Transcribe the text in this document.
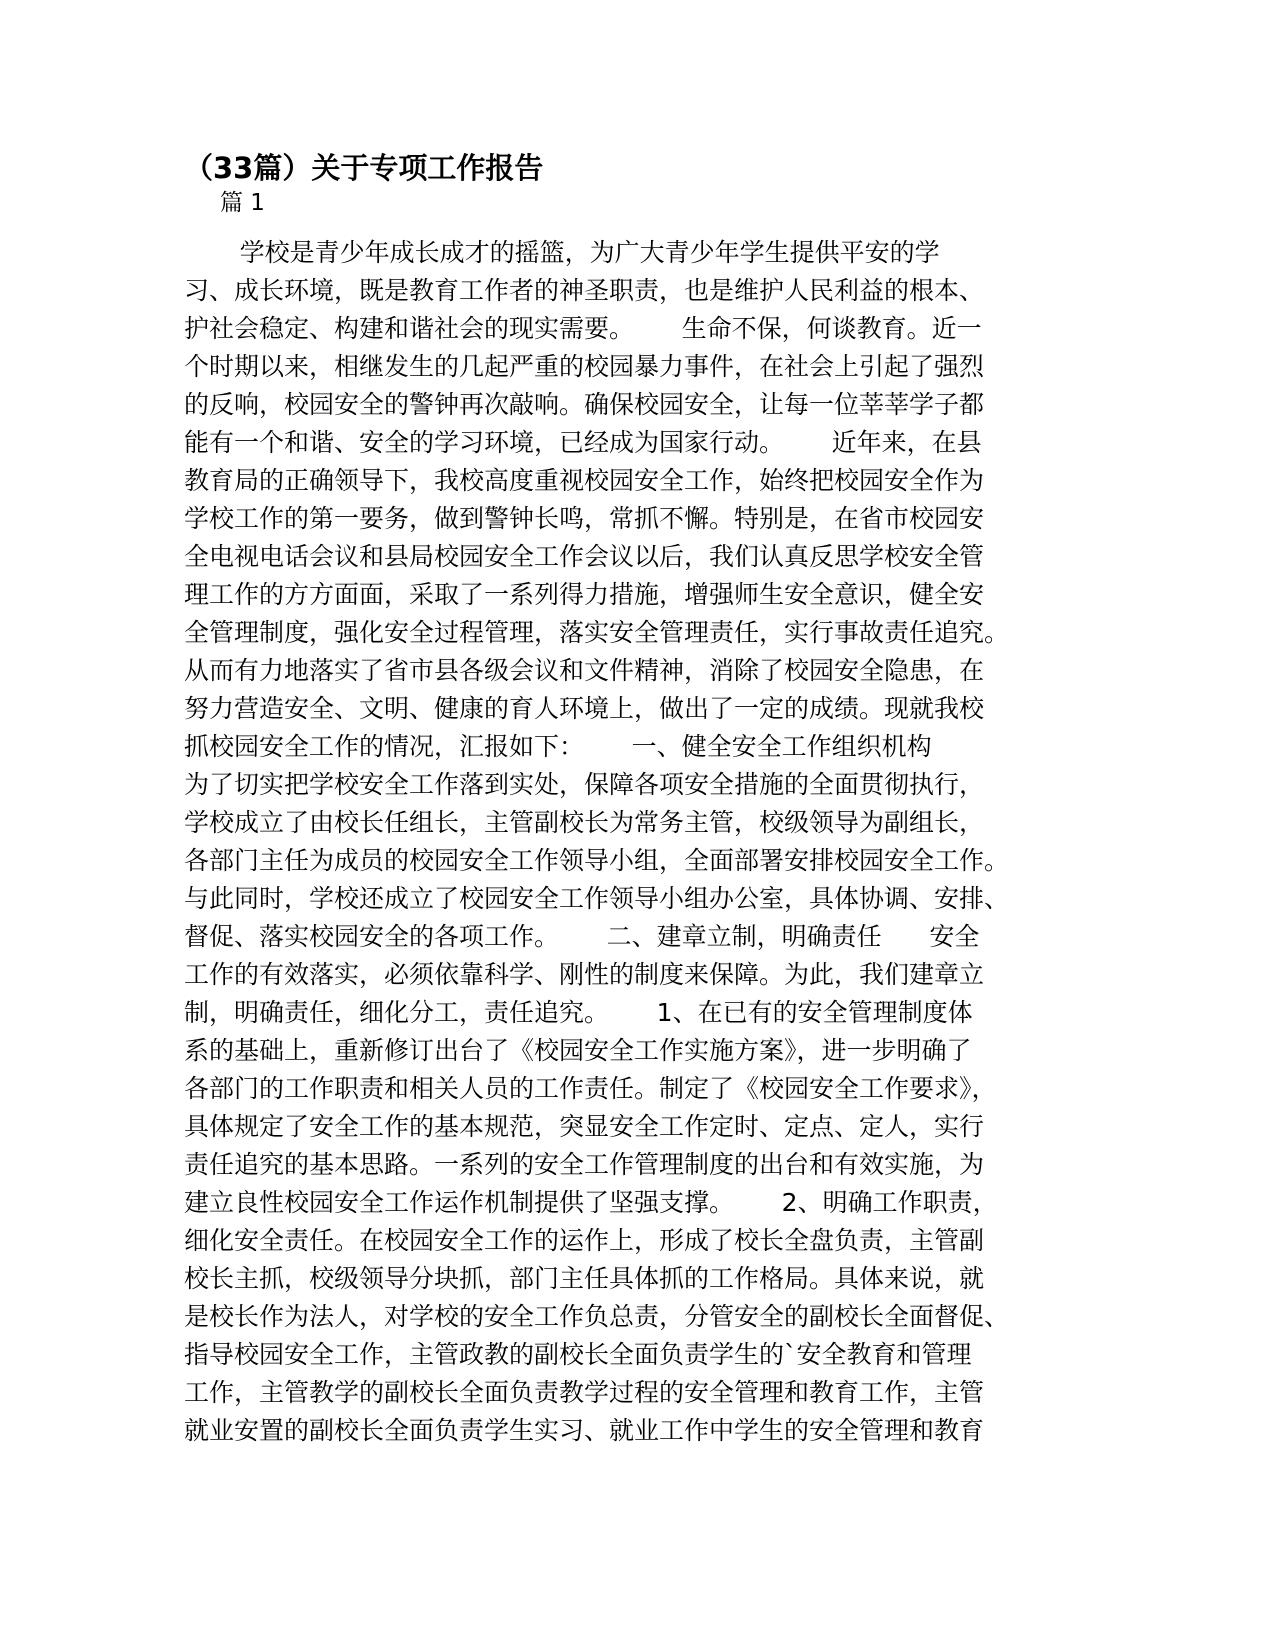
（33篇）关于专项工作报告
篇 1
学校是青少年成长成才的摇篮，为广大青少年学生提供平安的学
习、成长环境，既是教育工作者的神圣职责，也是维护人民利益的根本、
护社会稳定、构建和谐社会的现实需要。      生命不保，何谈教育。近一
个时期以来，相继发生的几起严重的校园暴力事件，在社会上引起了强烈
的反响，校园安全的警钟再次敲响。确保校园安全，让每一位莘莘学子都
能有一个和谐、安全的学习环境，已经成为国家行动。      近年来，在县
教育局的正确领导下，我校高度重视校园安全工作，始终把校园安全作为
学校工作的第一要务，做到警钟长鸣，常抓不懈。特别是，在省市校园安
全电视电话会议和县局校园安全工作会议以后，我们认真反思学校安全管
理工作的方方面面，采取了一系列得力措施，增强师生安全意识，健全安
全管理制度，强化安全过程管理，落实安全管理责任，实行事故责任追究。
从而有力地落实了省市县各级会议和文件精神，消除了校园安全隐患，在
努力营造安全、文明、健康的育人环境上，做出了一定的成绩。现就我校
抓校园安全工作的情况，汇报如下：      一、健全安全工作组织机构
为了切实把学校安全工作落到实处，保障各项安全措施的全面贯彻执行，
学校成立了由校长任组长，主管副校长为常务主管，校级领导为副组长，
各部门主任为成员的校园安全工作领导小组，全面部署安排校园安全工作。
与此同时，学校还成立了校园安全工作领导小组办公室，具体协调、安排、
督促、落实校园安全的各项工作。      二、建章立制，明确责任      安全
工作的有效落实，必须依靠科学、刚性的制度来保障。为此，我们建章立
制，明确责任，细化分工，责任追究。      1、在已有的安全管理制度体
系的基础上，重新修订出台了《校园安全工作实施方案》，进一步明确了
各部门的工作职责和相关人员的工作责任。制定了《校园安全工作要求》，
具体规定了安全工作的基本规范，突显安全工作定时、定点、定人，实行
责任追究的基本思路。一系列的安全工作管理制度的出台和有效实施，为
建立良性校园安全工作运作机制提供了坚强支撑。      2、明确工作职责，
细化安全责任。在校园安全工作的运作上，形成了校长全盘负责，主管副
校长主抓，校级领导分块抓，部门主任具体抓的工作格局。具体来说，就
是校长作为法人，对学校的安全工作负总责，分管安全的副校长全面督促、
指导校园安全工作，主管政教的副校长全面负责学生的`安全教育和管理
工作，主管教学的副校长全面负责教学过程的安全管理和教育工作，主管
就业安置的副校长全面负责学生实习、就业工作中学生的安全管理和教育
